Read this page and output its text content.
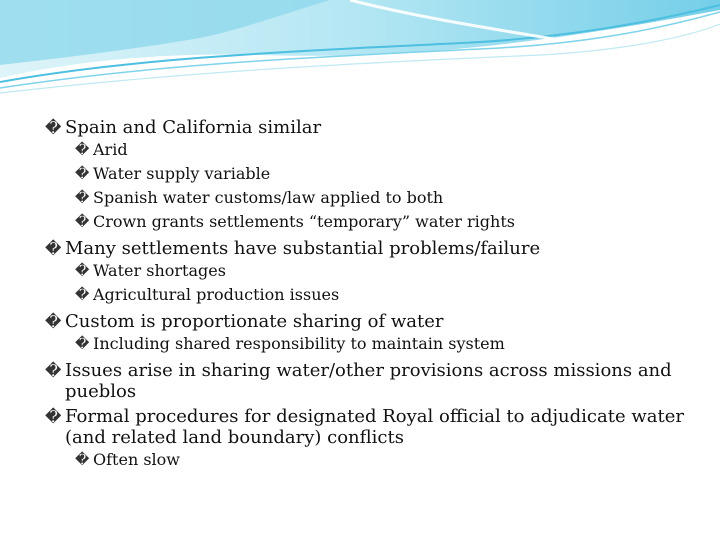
� Spain and California similar
� Arid
� Water supply variable
� Spanish water customs/law applied to both
� Crown grants settlements “temporary” water rights
� Many settlements have substantial problems/failure
� Water shortages
� Agricultural production issues
� Custom is proportionate sharing of water
� Including shared responsibility to maintain system
� Issues arise in sharing water/other provisions across missions and pueblos
� Formal procedures for designated Royal official to adjudicate water (and related land boundary) conflicts
� Often slow
